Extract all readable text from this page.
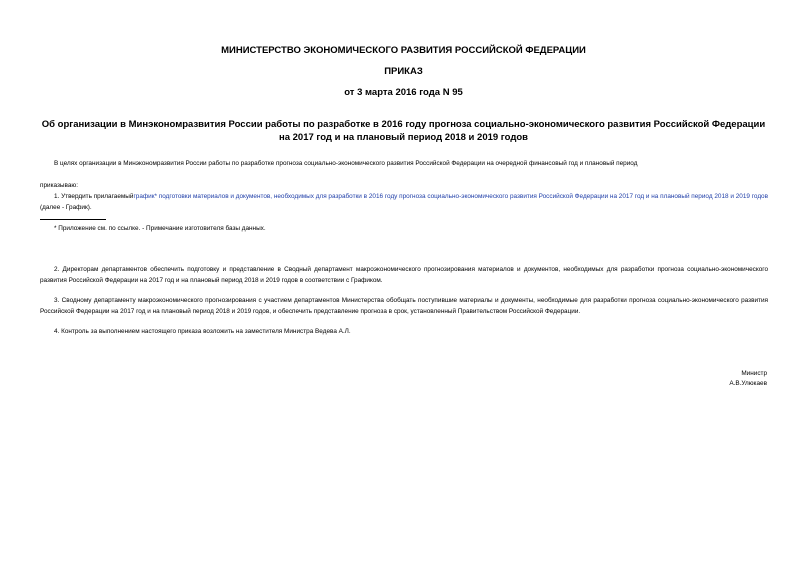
МИНИСТЕРСТВО ЭКОНОМИЧЕСКОГО РАЗВИТИЯ РОССИЙСКОЙ ФЕДЕРАЦИИ
ПРИКАЗ
от 3 марта 2016 года N 95
Об организации в Минэкономразвития России работы по разработке в 2016 году прогноза социально-экономического развития Российской Федерации на 2017 год и на плановый период 2018 и 2019 годов
В целях организации в Минэкономразвития России работы по разработке прогноза социально-экономического развития Российской Федерации на очередной финансовый год и плановый период
приказываю:
1. Утвердить прилагаемыйграфик* подготовки материалов и документов, необходимых для разработки в 2016 году прогноза социально-экономического развития Российской Федерации на 2017 год и на плановый период 2018 и 2019 годов (далее - График).
* Приложение см. по ссылке. - Примечание изготовителя базы данных.
2. Директорам департаментов обеспечить подготовку и представление в Сводный департамент макроэкономического прогнозирования материалов и документов, необходимых для разработки прогноза социально-экономического развития Российской Федерации на 2017 год и на плановый период 2018 и 2019 годов в соответствии с Графиком.
3. Сводному департаменту макроэкономического прогнозирования с участием департаментов Министерства обобщать поступившие материалы и документы, необходимые для разработки прогноза социально-экономического развития Российской Федерации на 2017 год и на плановый период 2018 и 2019 годов, и обеспечить представление прогноза в срок, установленный Правительством Российской Федерации.
4. Контроль за выполнением настоящего приказа возложить на заместителя Министра Ведева А.Л.
Министр
А.В.Улюкаев
